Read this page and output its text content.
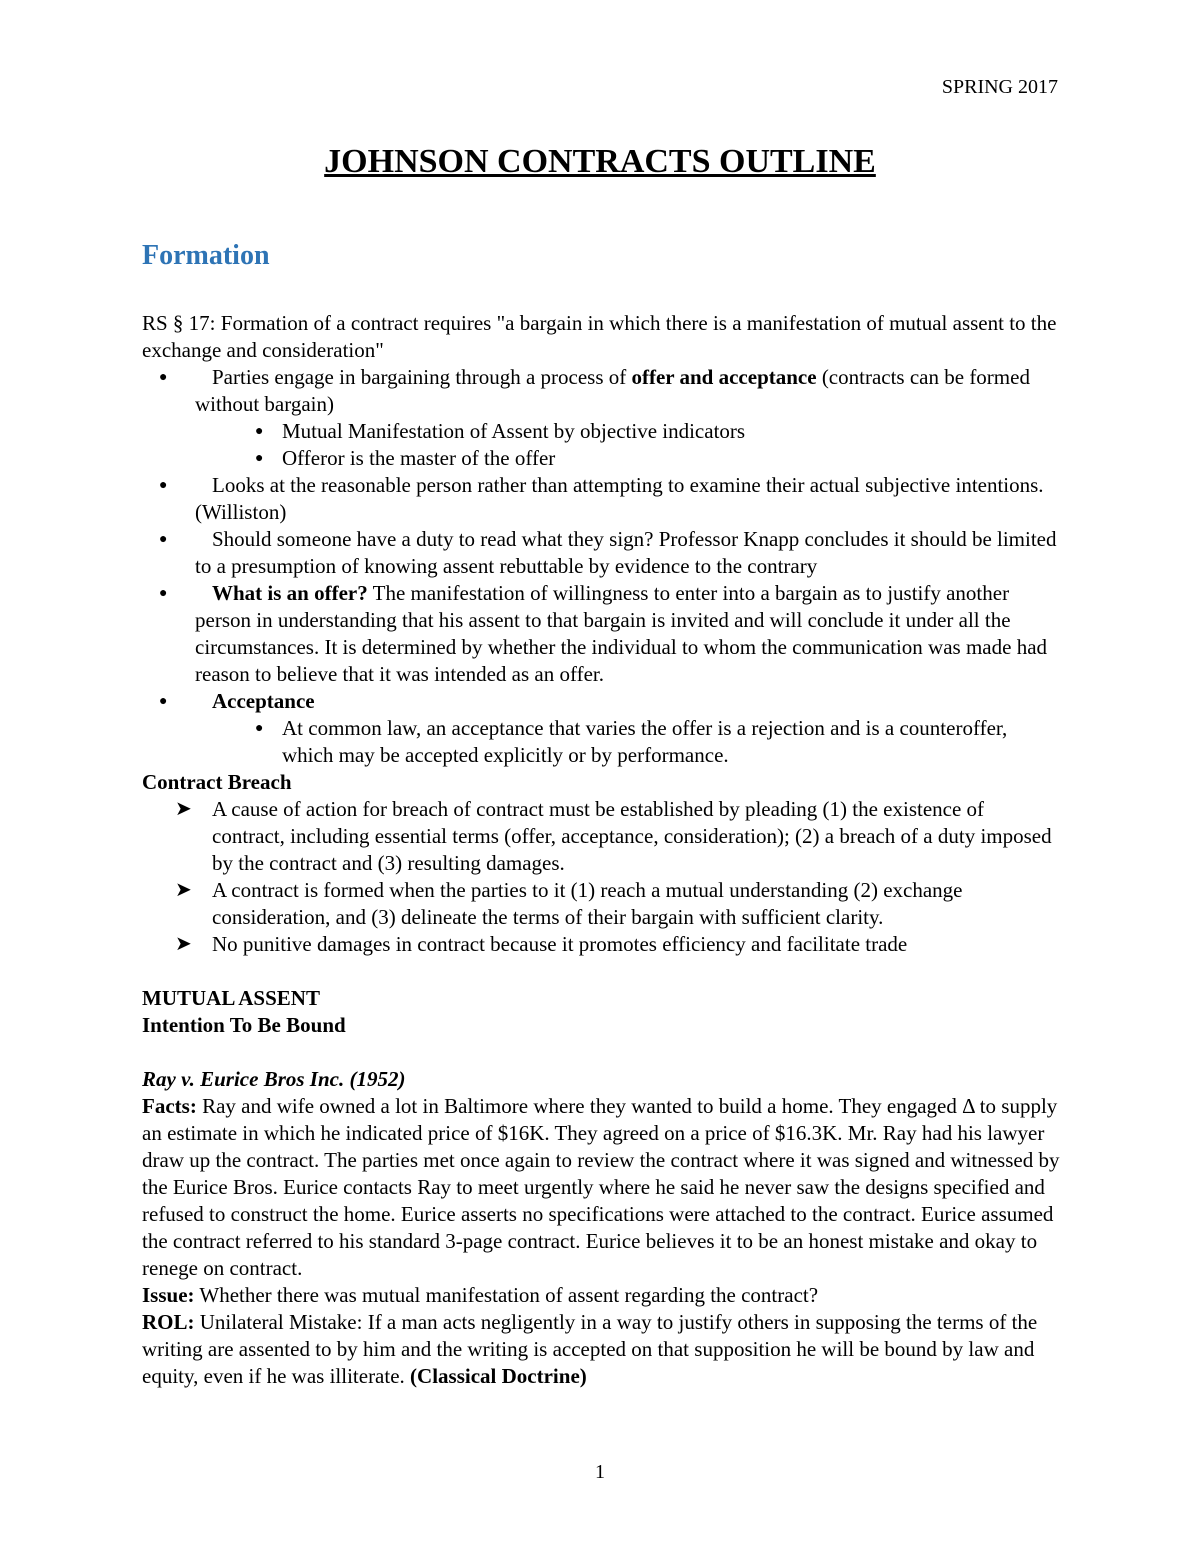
SPRING 2017
JOHNSON CONTRACTS OUTLINE
Formation

RS § 17: Formation of a contract requires "a bargain in which there is a manifestation of mutual assent to the exchange and consideration"

●	Parties engage in bargaining through a process of offer and acceptance (contracts can be formed without bargain)
● Mutual Manifestation of Assent by objective indicators
● Offeror is the master of the offer
●	Looks at the reasonable person rather than attempting to examine their actual subjective intentions. (Williston)
●	Should someone have a duty to read what they sign? Professor Knapp concludes it should be limited to a presumption of knowing assent rebuttable by evidence to the contrary
●	What is an offer? The manifestation of willingness to enter into a bargain as to justify another person in understanding that his assent to that bargain is invited and will conclude it under all the circumstances. It is determined by whether the individual to whom the communication was made had reason to believe that it was intended as an offer.
●	Acceptance
● At common law, an acceptance that varies the offer is a rejection and is a counteroffer, which may be accepted explicitly or by performance.

Contract Breach

➤ A cause of action for breach of contract must be established by pleading (1) the existence of contract, including essential terms (offer, acceptance, consideration); (2) a breach of a duty imposed by the contract and (3) resulting damages.
➤ A contract is formed when the parties to it (1) reach a mutual understanding (2) exchange consideration, and (3) delineate the terms of their bargain with sufficient clarity.
➤ No punitive damages in contract because it promotes efficiency and facilitate trade

MUTUAL ASSENT

Intention To Be Bound

Ray v. Eurice Bros Inc. (1952)

Facts: Ray and wife owned a lot in Baltimore where they wanted to build a home. They engaged Δ to supply an estimate in which he indicated price of $16K. They agreed on a price of $16.3K. Mr. Ray had his lawyer draw up the contract. The parties met once again to review the contract where it was signed and witnessed by the Eurice Bros. Eurice contacts Ray to meet urgently where he said he never saw the designs specified and refused to construct the home. Eurice asserts no specifications were attached to the contract. Eurice assumed the contract referred to his standard 3-page contract. Eurice believes it to be an honest mistake and okay to renege on contract.

Issue: Whether there was mutual manifestation of assent regarding the contract?

ROL: Unilateral Mistake: If a man acts negligently in a way to justify others in supposing the terms of the writing are assented to by him and the writing is accepted on that supposition he will be bound by law and equity, even if he was illiterate. (Classical Doctrine)

1
